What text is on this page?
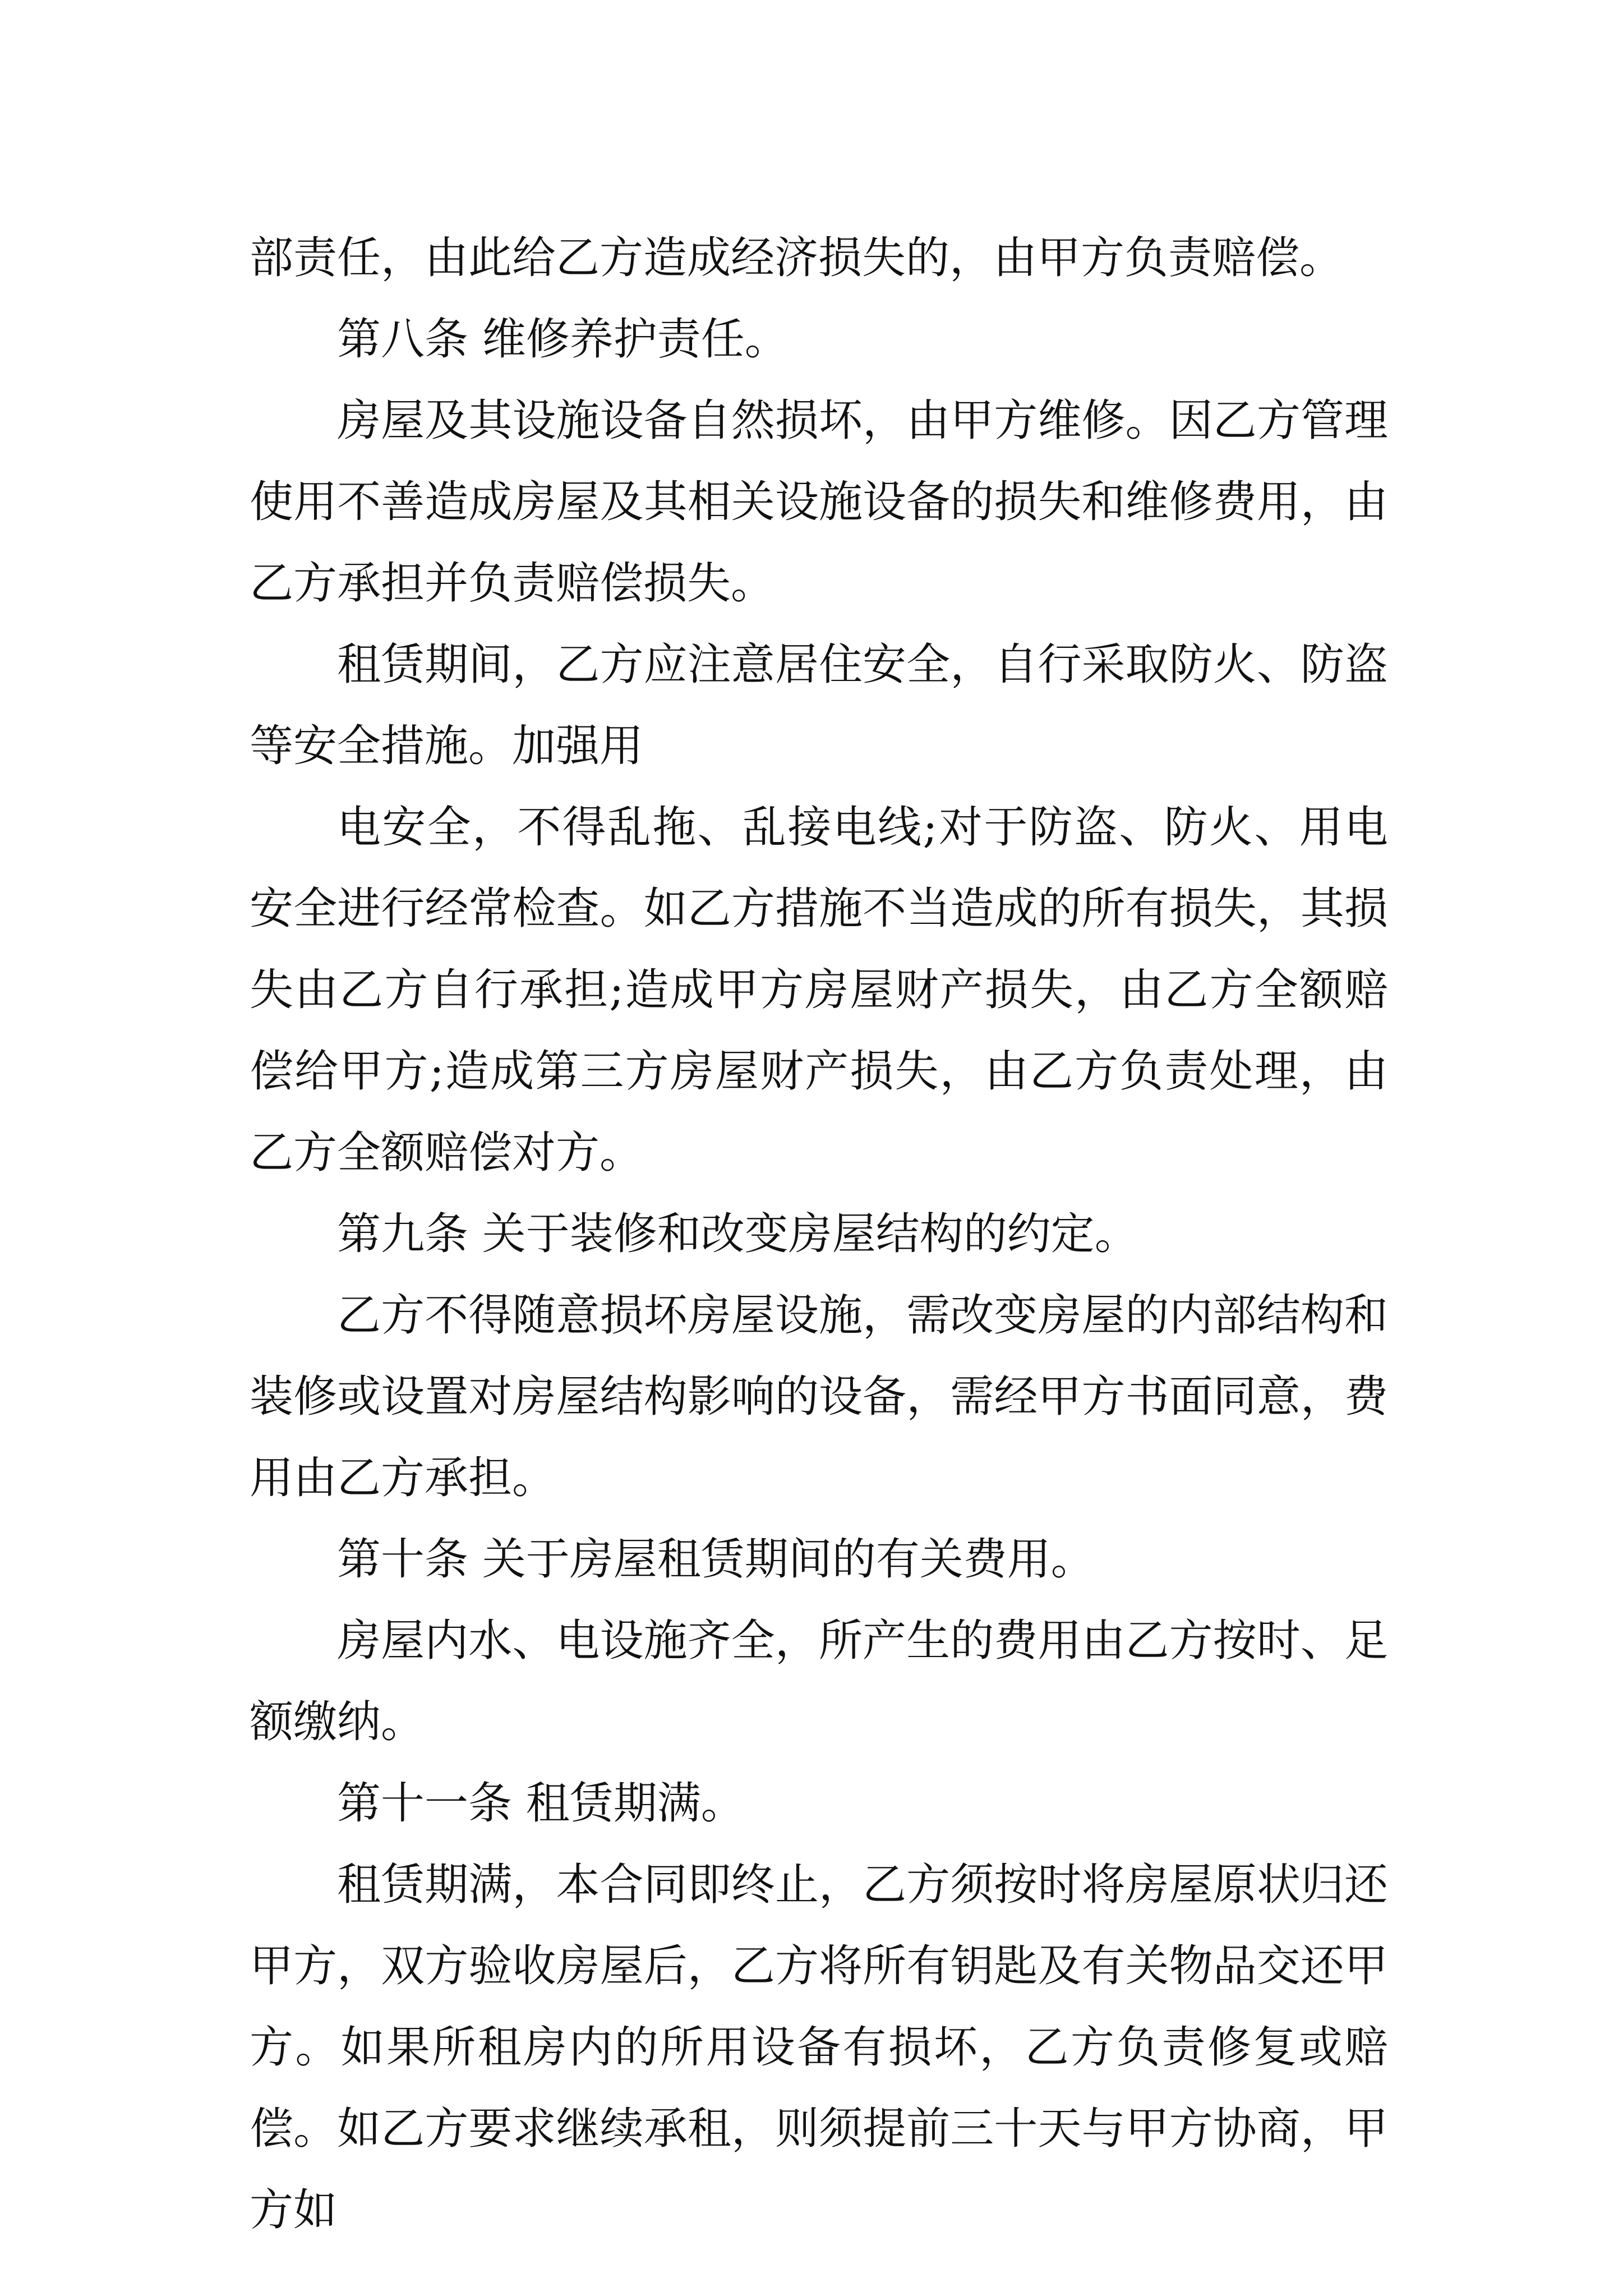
部责任，由此给乙方造成经济损失的，由甲方负责赔偿。

第八条 维修养护责任。

房屋及其设施设备自然损坏，由甲方维修。因乙方管理使用不善造成房屋及其相关设施设备的损失和维修费用，由乙方承担并负责赔偿损失。

租赁期间，乙方应注意居住安全，自行采取防火、防盗等安全措施。加强用

电安全，不得乱拖、乱接电线;对于防盗、防火、用电安全进行经常检查。如乙方措施不当造成的所有损失，其损失由乙方自行承担;造成甲方房屋财产损失，由乙方全额赔偿给甲方;造成第三方房屋财产损失，由乙方负责处理，由乙方全额赔偿对方。

第九条 关于装修和改变房屋结构的约定。

乙方不得随意损坏房屋设施，需改变房屋的内部结构和装修或设置对房屋结构影响的设备，需经甲方书面同意，费用由乙方承担。

第十条 关于房屋租赁期间的有关费用。

房屋内水、电设施齐全，所产生的费用由乙方按时、足额缴纳。

第十一条 租赁期满。

租赁期满，本合同即终止，乙方须按时将房屋原状归还甲方，双方验收房屋后，乙方将所有钥匙及有关物品交还甲方。如果所租房内的所用设备有损坏，乙方负责修复或赔偿。如乙方要求继续承租，则须提前三十天与甲方协商，甲方如
